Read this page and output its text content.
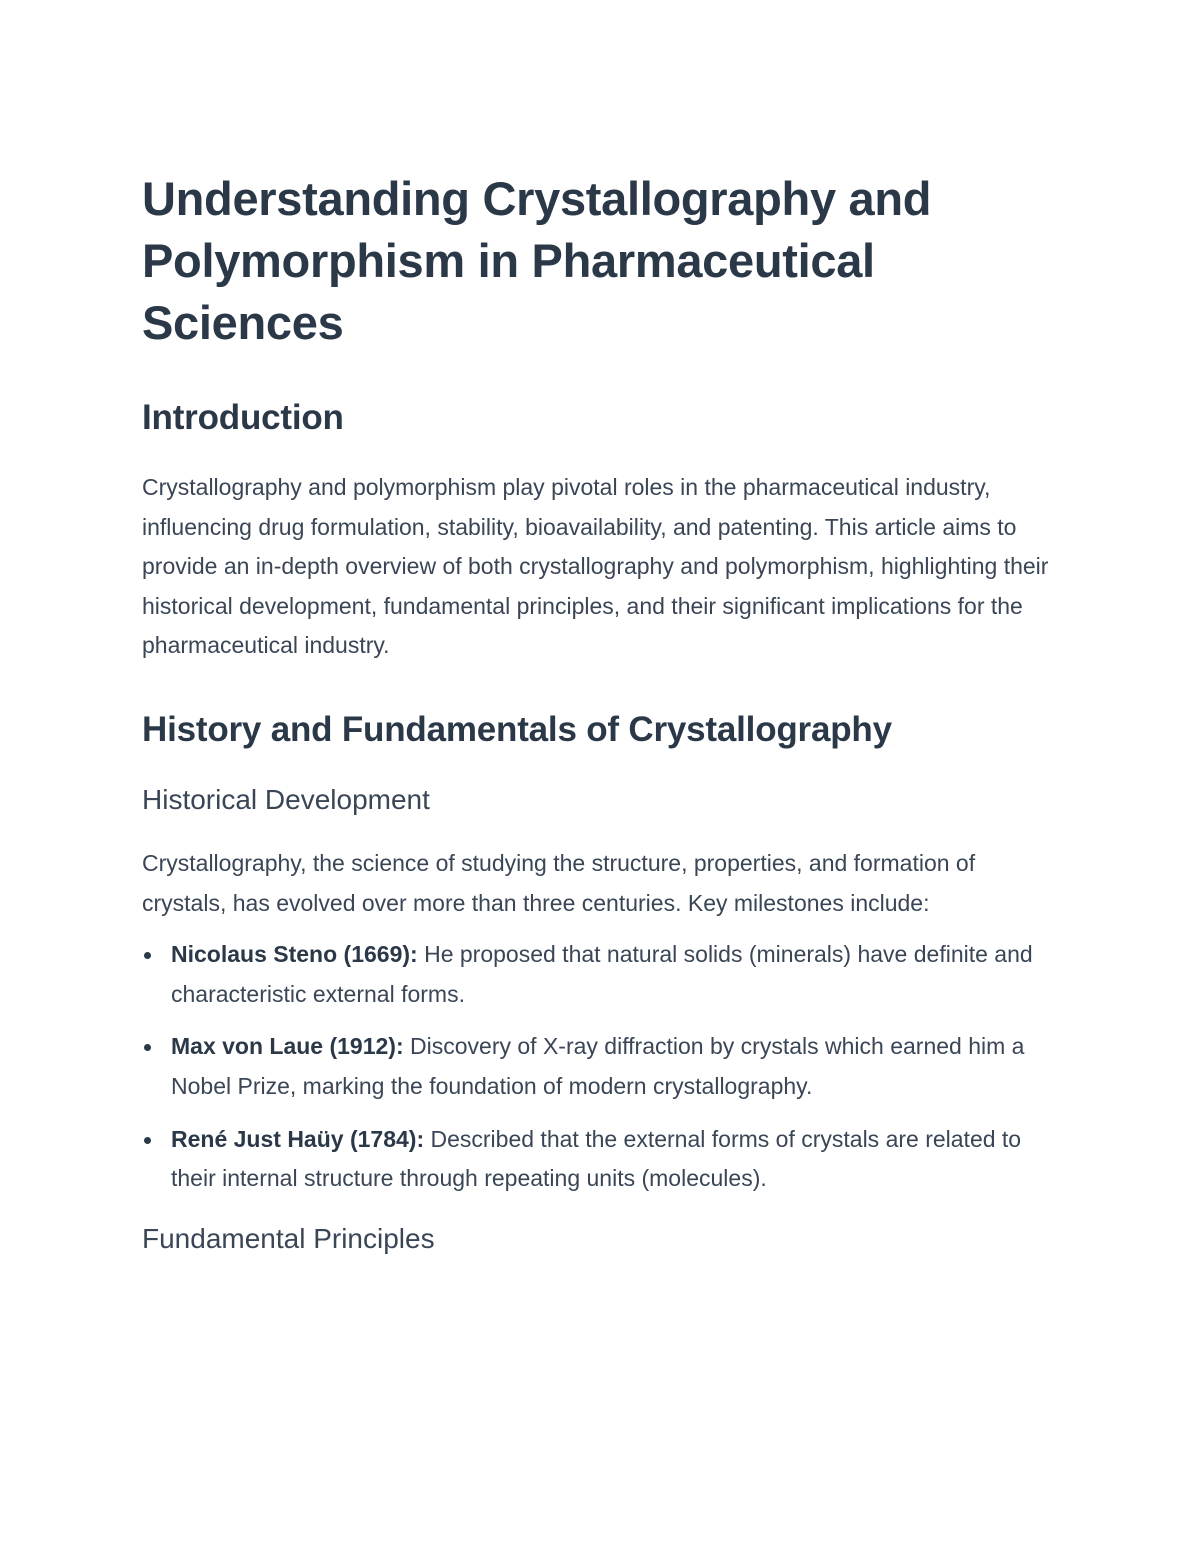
Understanding Crystallography and Polymorphism in Pharmaceutical Sciences
Introduction

Crystallography and polymorphism play pivotal roles in the pharmaceutical industry, influencing drug formulation, stability, bioavailability, and patenting. This article aims to provide an in-depth overview of both crystallography and polymorphism, highlighting their historical development, fundamental principles, and their significant implications for the pharmaceutical industry.

History and Fundamentals of Crystallography
Historical Development

Crystallography, the science of studying the structure, properties, and formation of crystals, has evolved over more than three centuries. Key milestones include:

Nicolaus Steno (1669): He proposed that natural solids (minerals) have definite and characteristic external forms.
Max von Laue (1912): Discovery of X-ray diffraction by crystals which earned him a Nobel Prize, marking the foundation of modern crystallography.
René Just Haüy (1784): Described that the external forms of crystals are related to their internal structure through repeating units (molecules).
Fundamental Principles
